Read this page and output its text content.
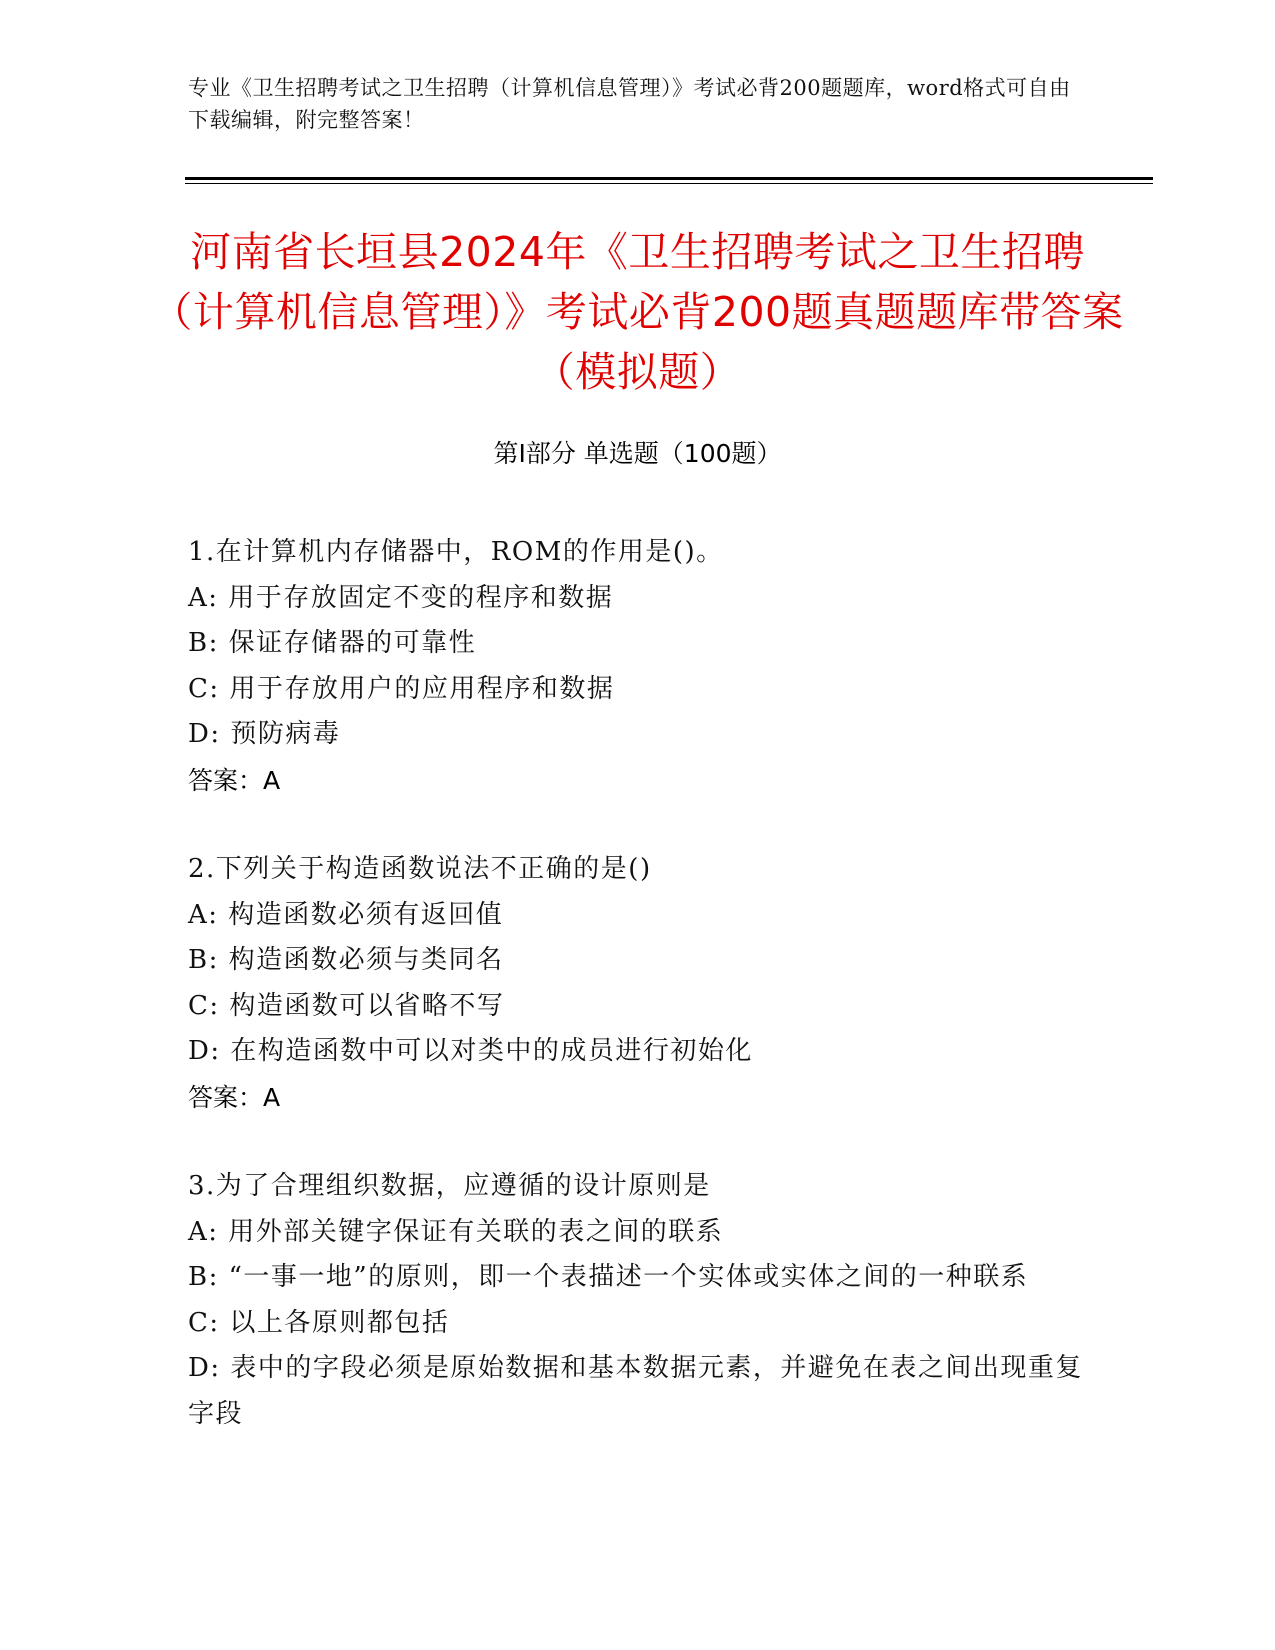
专业《卫生招聘考试之卫生招聘（计算机信息管理）》考试必背200题题库，word格式可自由下载编辑，附完整答案！
河南省长垣县2024年《卫生招聘考试之卫生招聘（计算机信息管理）》考试必背200题真题题库带答案（模拟题）
第Ⅰ部分 单选题（100题）
1.在计算机内存储器中，ROM的作用是()。
A: 用于存放固定不变的程序和数据
B: 保证存储器的可靠性
C: 用于存放用户的应用程序和数据
D: 预防病毒
答案：A
2.下列关于构造函数说法不正确的是()
A: 构造函数必须有返回值
B: 构造函数必须与类同名
C: 构造函数可以省略不写
D: 在构造函数中可以对类中的成员进行初始化
答案：A
3.为了合理组织数据，应遵循的设计原则是
A: 用外部关键字保证有关联的表之间的联系
B: “一事一地”的原则，即一个表描述一个实体或实体之间的一种联系
C: 以上各原则都包括
D: 表中的字段必须是原始数据和基本数据元素，并避免在表之间出现重复字段
